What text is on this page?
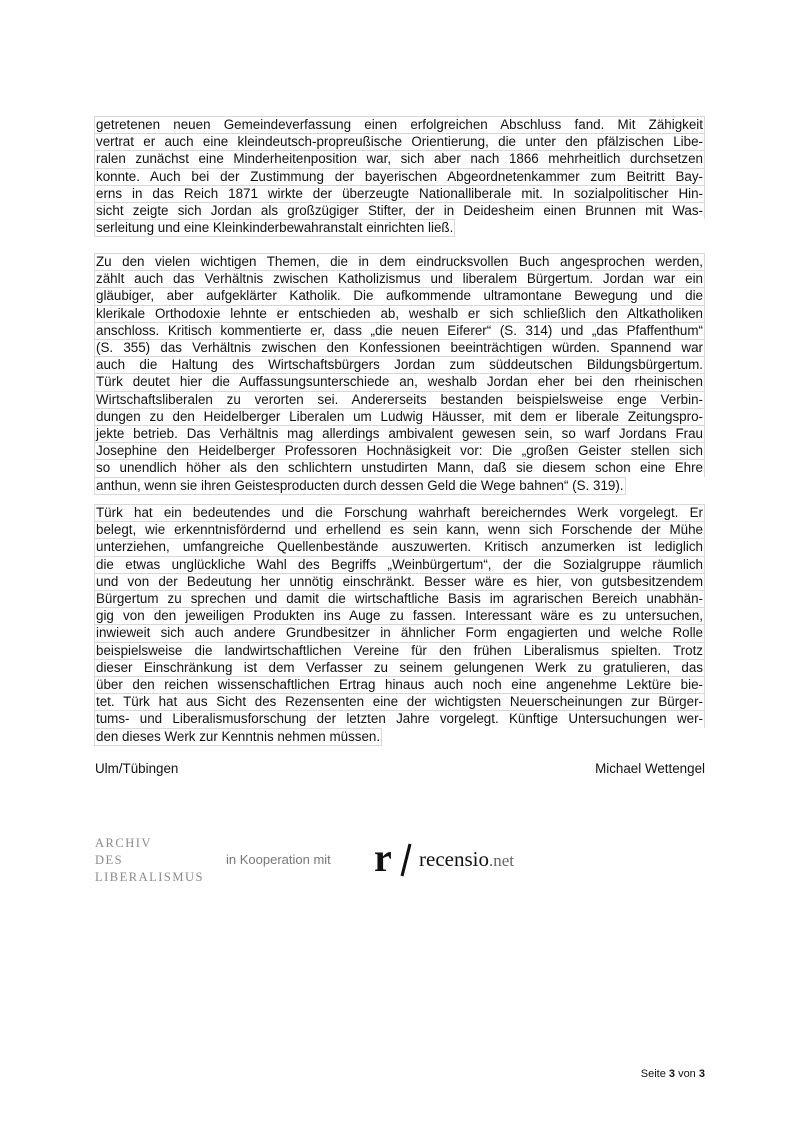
getretenen neuen Gemeindeverfassung einen erfolgreichen Abschluss fand. Mit Zähigkeit
vertrat er auch eine kleindeutsch-propreußische Orientierung, die unter den pfälzischen Libe-
ralen zunächst eine Minderheitenposition war, sich aber nach 1866 mehrheitlich durchsetzen
konnte. Auch bei der Zustimmung der bayerischen Abgeordnetenkammer zum Beitritt Bay-
erns in das Reich 1871 wirkte der überzeugte Nationalliberale mit. In sozialpolitischer Hin-
sicht zeigte sich Jordan als großzügiger Stifter, der in Deidesheim einen Brunnen mit Was-
serleitung und eine Kleinkinderbewahranstalt einrichten ließ.
Zu den vielen wichtigen Themen, die in dem eindrucksvollen Buch angesprochen werden,
zählt auch das Verhältnis zwischen Katholizismus und liberalem Bürgertum. Jordan war ein
gläubiger, aber aufgeklärter Katholik. Die aufkommende ultramontane Bewegung und die
klerikale Orthodoxie lehnte er entschieden ab, weshalb er sich schließlich den Altkatholiken
anschloss. Kritisch kommentierte er, dass „die neuen Eiferer“ (S. 314) und „das Pfaffenthum“
(S. 355) das Verhältnis zwischen den Konfessionen beeinträchtigen würden. Spannend war
auch die Haltung des Wirtschaftsbürgers Jordan zum süddeutschen Bildungsbürgertum.
Türk deutet hier die Auffassungsunterschiede an, weshalb Jordan eher bei den rheinischen
Wirtschaftsliberalen zu verorten sei. Andererseits bestanden beispielsweise enge Verbin-
dungen zu den Heidelberger Liberalen um Ludwig Häusser, mit dem er liberale Zeitungspro-
jekte betrieb. Das Verhältnis mag allerdings ambivalent gewesen sein, so warf Jordans Frau
Josephine den Heidelberger Professoren Hochnäsigkeit vor: Die „großen Geister stellen sich
so unendlich höher als den schlichtern unstudirten Mann, daß sie diesem schon eine Ehre
anthun, wenn sie ihren Geistesproducten durch dessen Geld die Wege bahnen“ (S. 319).
Türk hat ein bedeutendes und die Forschung wahrhaft bereicherndes Werk vorgelegt. Er
belegt, wie erkenntnisfördernd und erhellend es sein kann, wenn sich Forschende der Mühe
unterziehen, umfangreiche Quellenbestände auszuwerten. Kritisch anzumerken ist lediglich
die etwas unglückliche Wahl des Begriffs „Weinbürgertum“, der die Sozialgruppe räumlich
und von der Bedeutung her unnötig einschränkt. Besser wäre es hier, von gutsbesitzendem
Bürgertum zu sprechen und damit die wirtschaftliche Basis im agrarischen Bereich unabhän-
gig von den jeweiligen Produkten ins Auge zu fassen. Interessant wäre es zu untersuchen,
inwieweit sich auch andere Grundbesitzer in ähnlicher Form engagierten und welche Rolle
beispielsweise die landwirtschaftlichen Vereine für den frühen Liberalismus spielten. Trotz
dieser Einschränkung ist dem Verfasser zu seinem gelungenen Werk zu gratulieren, das
über den reichen wissenschaftlichen Ertrag hinaus auch noch eine angenehme Lektüre bie-
tet. Türk hat aus Sicht des Rezensenten eine der wichtigsten Neuerscheinungen zur Bürger-
tums- und Liberalismusforschung der letzten Jahre vorgelegt. Künftige Untersuchungen wer-
den dieses Werk zur Kenntnis nehmen müssen.
Ulm/Tübingen	Michael Wettengel
ARCHIV
DES
LIBERALISMUS
in Kooperation mit r recensio.net
Seite 3 von 3
